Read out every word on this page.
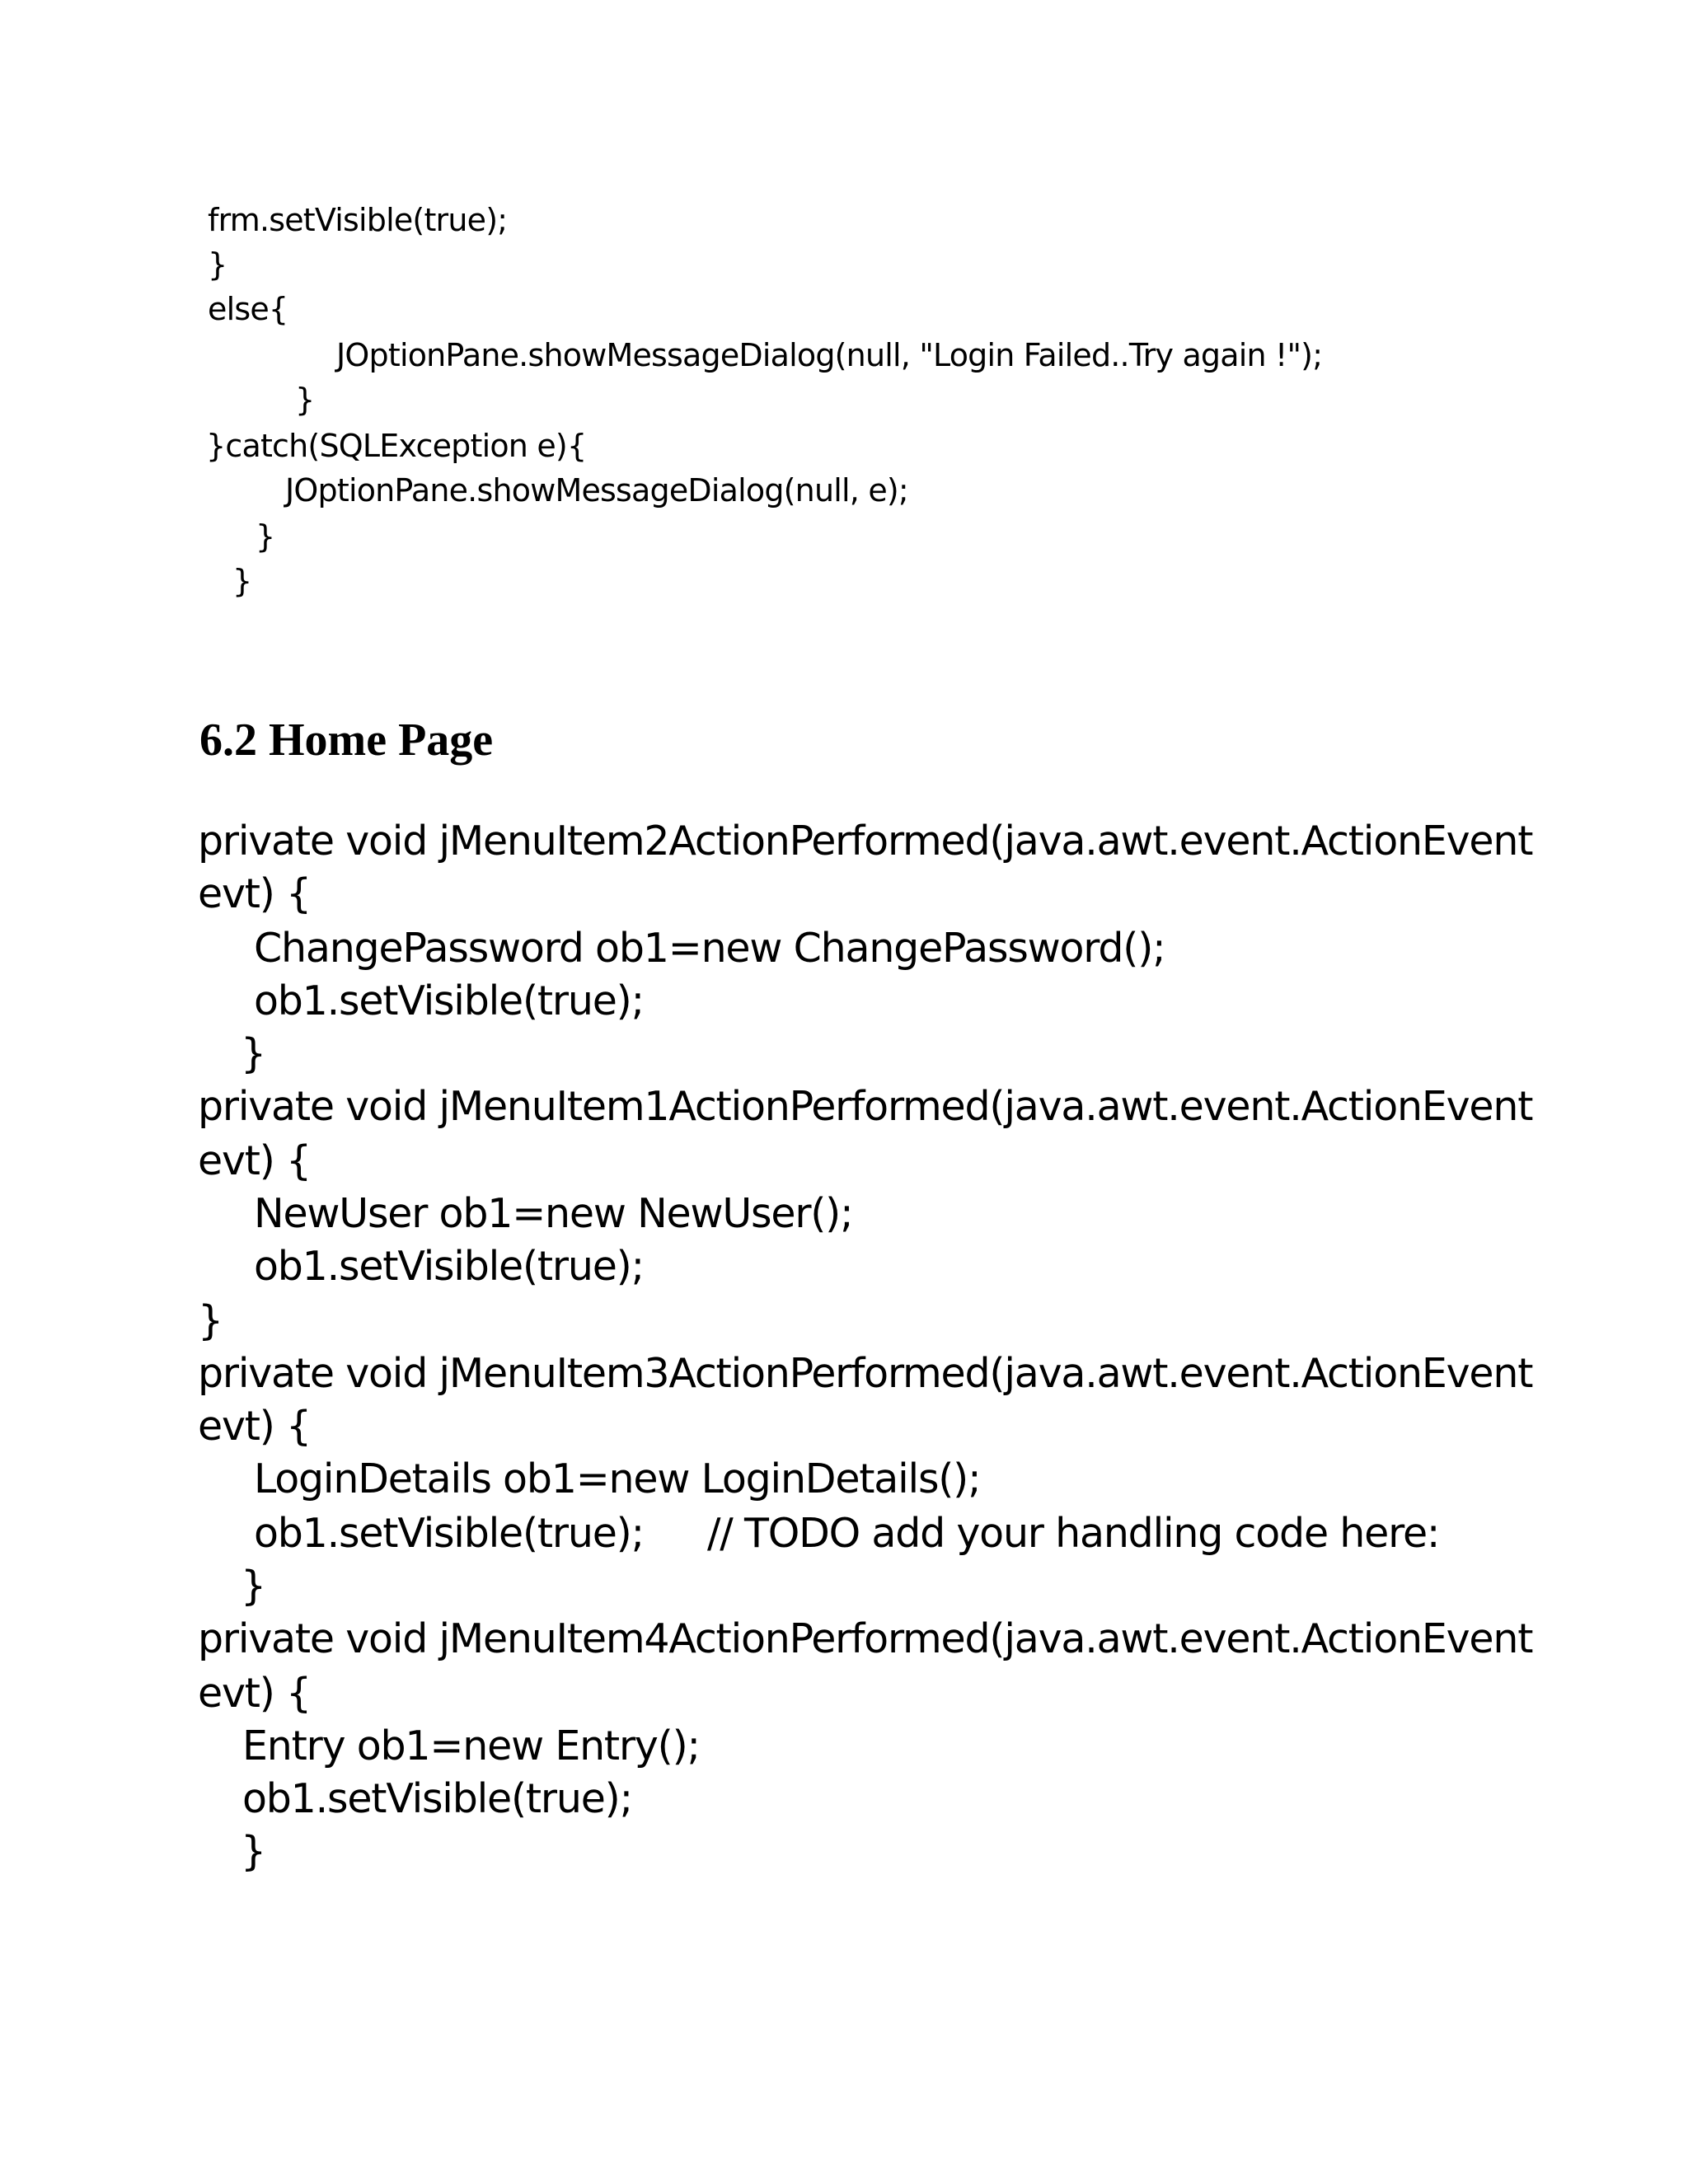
frm.setVisible(true);

}

else{

JOptionPane.showMessageDialog(null, "Login Failed..Try again !");

}

}catch(SQLException e){

JOptionPane.showMessageDialog(null, e);

}

}

6.2 Home Page

private void jMenuItem2ActionPerformed(java.awt.event.ActionEvent

evt) {

ChangePassword ob1=new ChangePassword();

ob1.setVisible(true);

}

private void jMenuItem1ActionPerformed(java.awt.event.ActionEvent

evt) {

NewUser ob1=new NewUser();

ob1.setVisible(true);

}

private void jMenuItem3ActionPerformed(java.awt.event.ActionEvent

evt) {

LoginDetails ob1=new LoginDetails();

ob1.setVisible(true); // TODO add your handling code here:

}

private void jMenuItem4ActionPerformed(java.awt.event.ActionEvent

evt) {

Entry ob1=new Entry();

ob1.setVisible(true);

}
